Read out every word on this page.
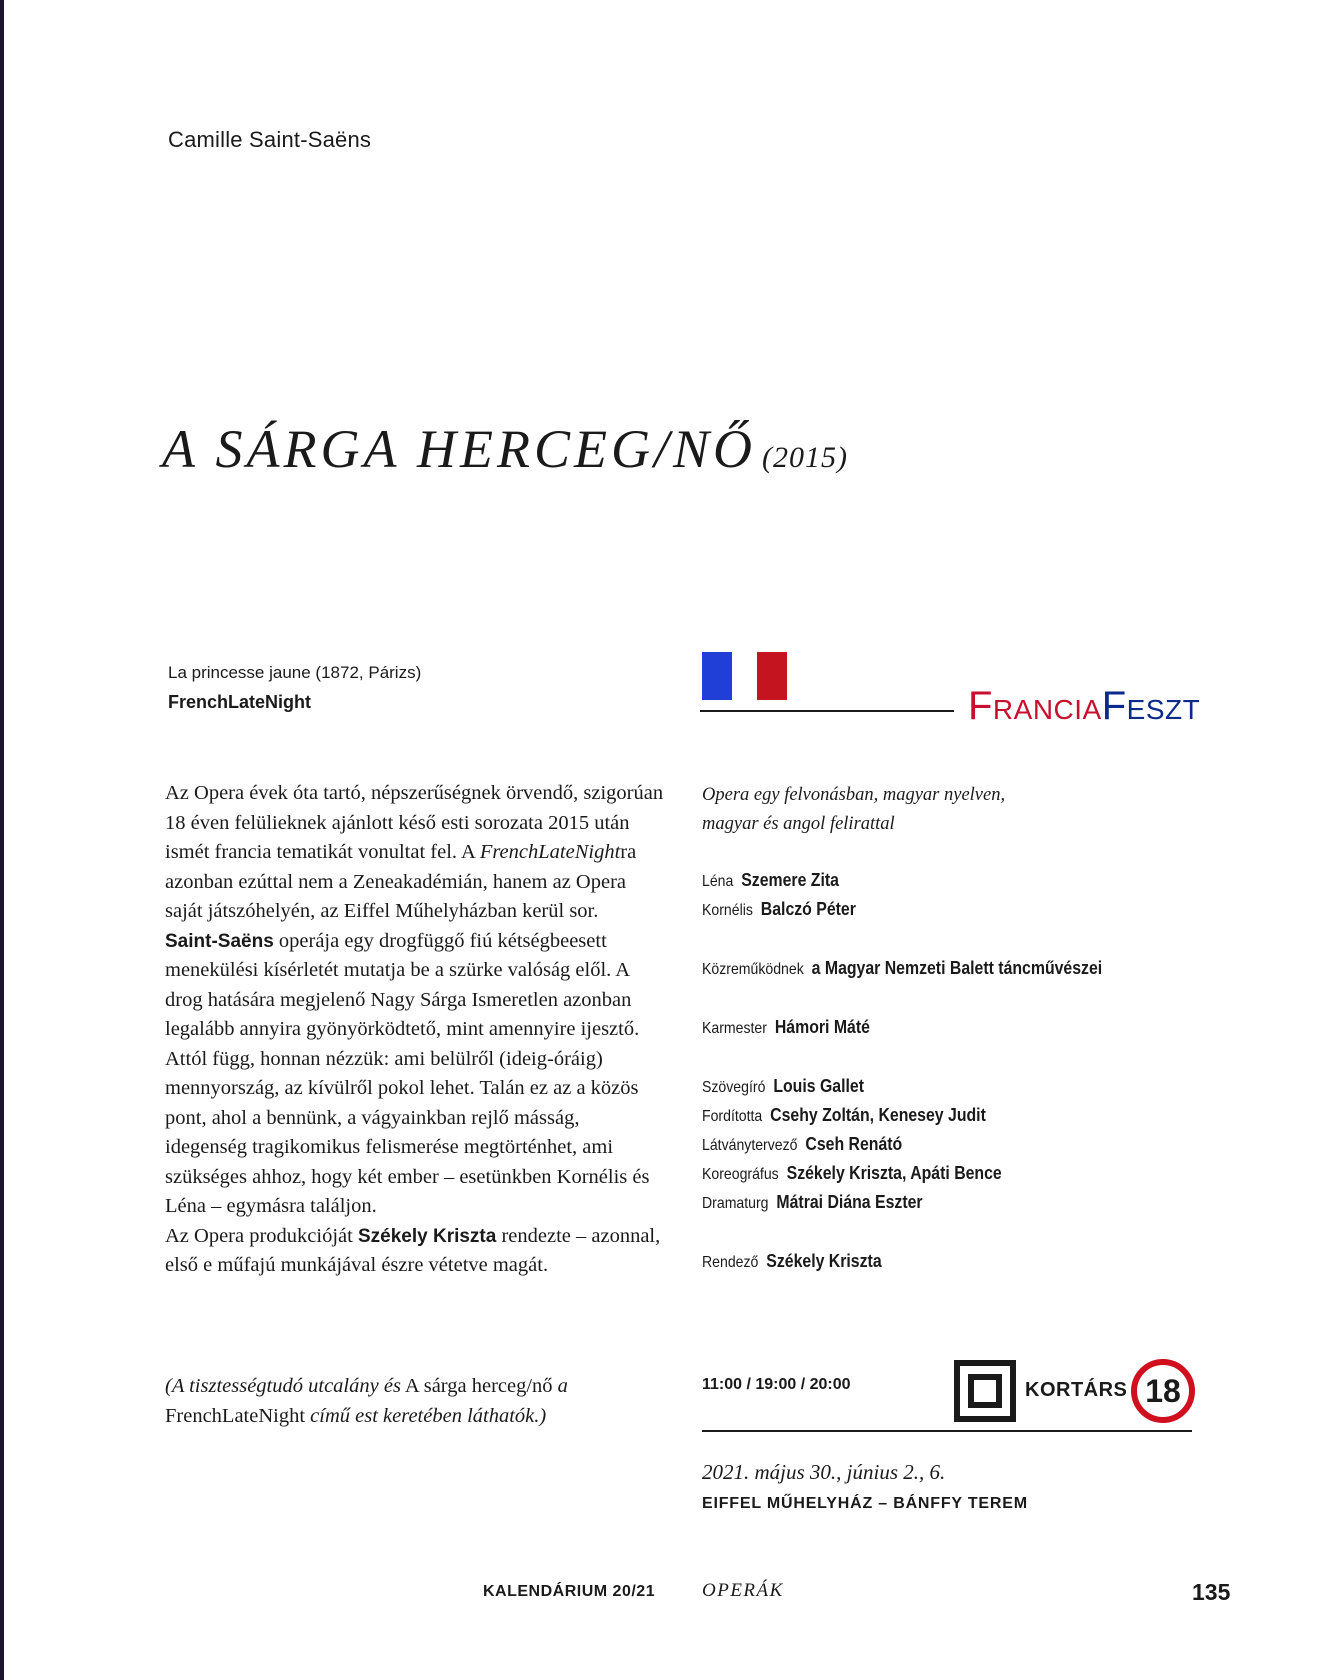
Camille Saint-Saëns
A SÁRGA HERCEG/NŐ (2015)
La princesse jaune (1872, Párizs)
FrenchLateNight

Az Opera évek óta tartó, népszerűségnek örvendő, szigorúan 18 éven felülieknek ajánlott késő esti sorozata 2015 után ismét francia tematikát vonultat fel. A FrenchLateNightra azonban ezúttal nem a Zeneakadémián, hanem az Opera saját játszóhelyén, az Eiffel Műhelyházban kerül sor.

Saint-Saëns operája egy drogfüggő fiú kétségbeesett menekülési kísérletét mutatja be a szürke valóság elől. A drog hatására megjelenő Nagy Sárga Ismeretlen azonban legalább annyira gyönyörködtető, mint amennyire ijesztő. Attól függ, honnan nézzük: ami belülről (ideig-óráig) mennyország, az kívülről pokol lehet. Talán ez az a közös pont, ahol a bennünk, a vágyainkban rejlő másság, idegenség tragikomikus felismerése megtörténhet, ami szükséges ahhoz, hogy két ember – esetünkben Kornélis és Léna – egymásra találjon.

Az Opera produkcióját Székely Kriszta rendezte – azonnal, első e műfajú munkájával észre vétetve magát.

(A tisztességtudó utcalány és A sárga herceg/nő a
FrenchLateNight című est keretében láthatók.)
FranciaFeszt
Opera egy felvonásban, magyar nyelven,
magyar és angol felirattal
Léna Szemere Zita
Kornélis Balczó Péter
Közreműködnek a Magyar Nemzeti Balett táncművészei
Karmester Hámori Máté
Szövegíró Louis Gallet
Fordította Csehy Zoltán, Kenesey Judit
Látványtervező Cseh Renátó
Koreográfus Székely Kriszta, Apáti Bence
Dramaturg Mátrai Diána Eszter
Rendező Székely Kriszta
11:00 / 19:00 / 20:00	KORTÁRS 18
2021. május 30., június 2., 6.
EIFFEL MŰHELYHÁZ – BÁNFFY TEREM
KALENDÁRIUM 20/21 OPERÁK	135
